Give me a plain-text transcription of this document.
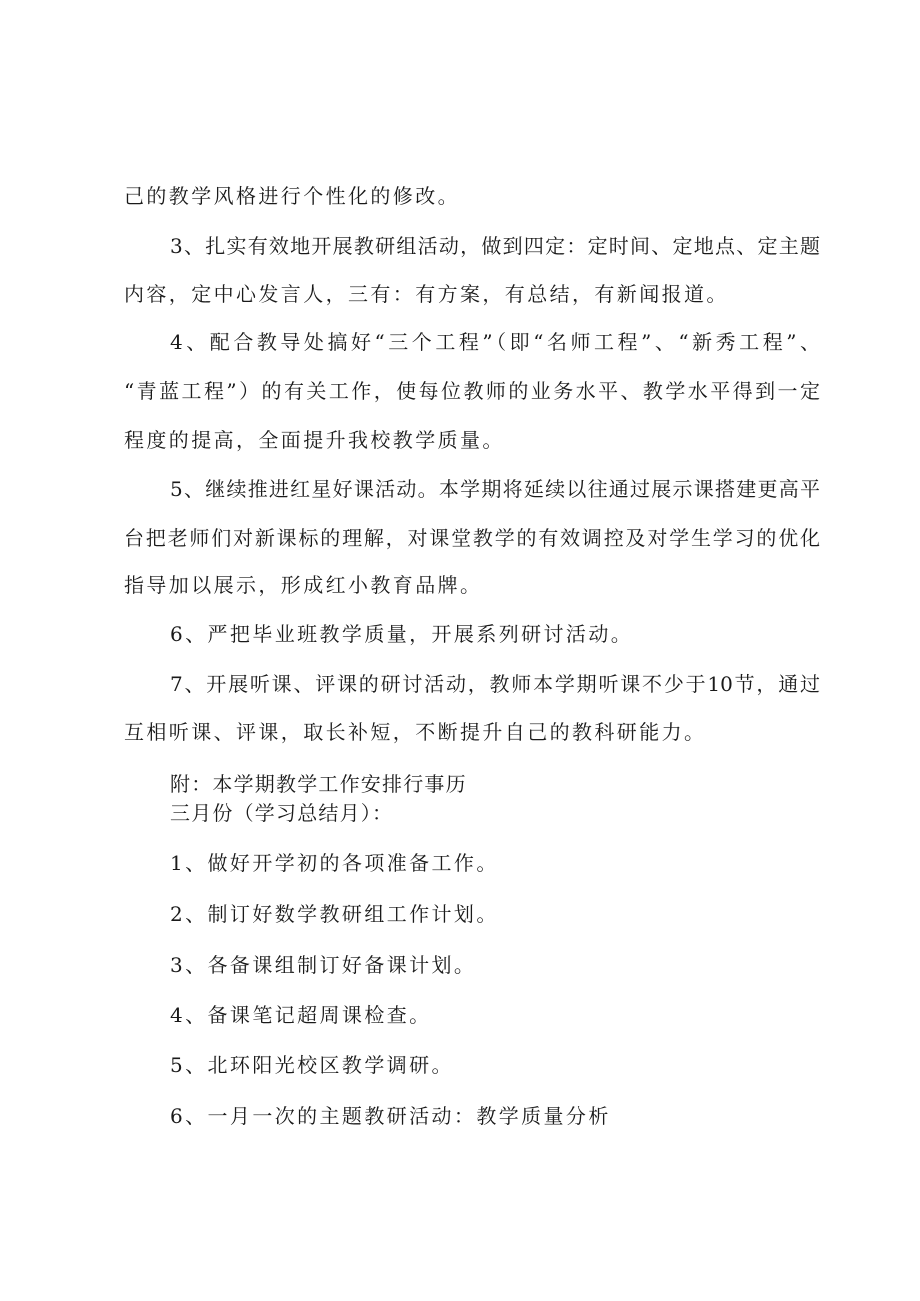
己的教学风格进行个性化的修改。
3、扎实有效地开展教研组活动，做到四定：定时间、定地点、定主题
内容，定中心发言人，三有：有方案，有总结，有新闻报道。
4、配合教导处搞好“三个工程”（即“名师工程”、“新秀工程”、
“青蓝工程”）的有关工作，使每位教师的业务水平、教学水平得到一定
程度的提高，全面提升我校教学质量。
5、继续推进红星好课活动。本学期将延续以往通过展示课搭建更高平
台把老师们对新课标的理解，对课堂教学的有效调控及对学生学习的优化
指导加以展示，形成红小教育品牌。
6、严把毕业班教学质量，开展系列研讨活动。
7、开展听课、评课的研讨活动，教师本学期听课不少于10节，通过
互相听课、评课，取长补短，不断提升自己的教科研能力。
附：本学期教学工作安排行事历
三月份（学习总结月）：
1、做好开学初的各项准备工作。
2、制订好数学教研组工作计划。
3、各备课组制订好备课计划。
4、备课笔记超周课检查。
5、北环阳光校区教学调研。
6、一月一次的主题教研活动：教学质量分析
